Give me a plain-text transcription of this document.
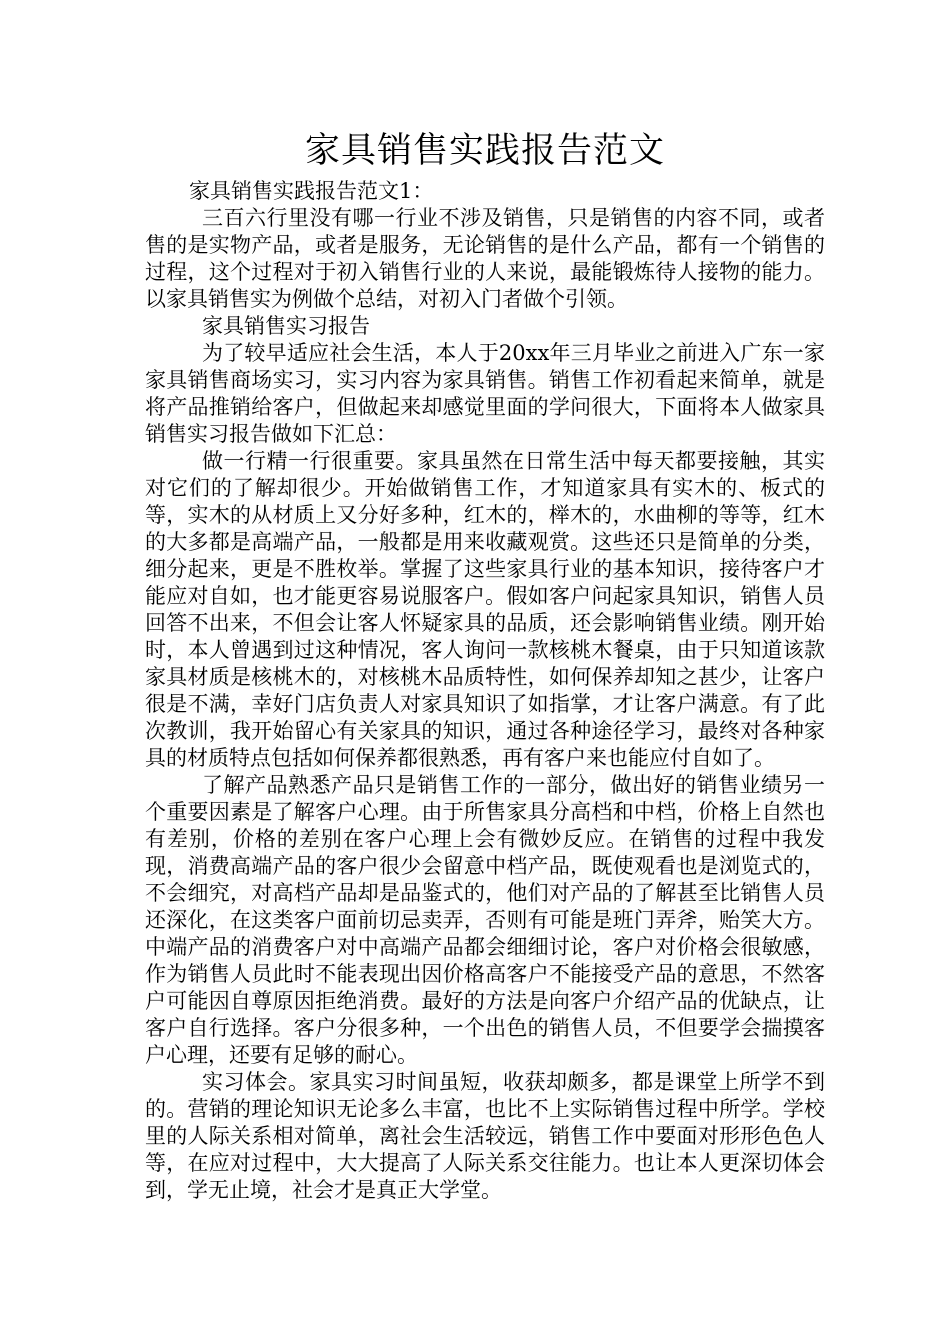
家具销售实践报告范文

家具销售实践报告范文1：

三百六行里没有哪一行业不涉及销售，只是销售的内容不同，或者售的是实物产品，或者是服务，无论销售的是什么产品，都有一个销售的过程，这个过程对于初入销售行业的人来说，最能锻炼待人接物的能力。以家具销售实为例做个总结，对初入门者做个引领。

家具销售实习报告

为了较早适应社会生活，本人于20xx年三月毕业之前进入广东一家家具销售商场实习，实习内容为家具销售。销售工作初看起来简单，就是将产品推销给客户，但做起来却感觉里面的学问很大，下面将本人做家具销售实习报告做如下汇总：

做一行精一行很重要。家具虽然在日常生活中每天都要接触，其实对它们的了解却很少。开始做销售工作，才知道家具有实木的、板式的等，实木的从材质上又分好多种，红木的，榉木的，水曲柳的等等，红木的大多都是高端产品，一般都是用来收藏观赏。这些还只是简单的分类，细分起来，更是不胜枚举。掌握了这些家具行业的基本知识，接待客户才能应对自如，也才能更容易说服客户。假如客户问起家具知识，销售人员回答不出来，不但会让客人怀疑家具的品质，还会影响销售业绩。刚开始时，本人曾遇到过这种情况，客人询问一款核桃木餐桌，由于只知道该款家具材质是核桃木的，对核桃木品质特性，如何保养却知之甚少，让客户很是不满，幸好门店负责人对家具知识了如指掌，才让客户满意。有了此次教训，我开始留心有关家具的知识，通过各种途径学习，最终对各种家具的材质特点包括如何保养都很熟悉，再有客户来也能应付自如了。

了解产品熟悉产品只是销售工作的一部分，做出好的销售业绩另一个重要因素是了解客户心理。由于所售家具分高档和中档，价格上自然也有差别，价格的差别在客户心理上会有微妙反应。在销售的过程中我发现，消费高端产品的客户很少会留意中档产品，既使观看也是浏览式的，不会细究，对高档产品却是品鉴式的，他们对产品的了解甚至比销售人员还深化，在这类客户面前切忌卖弄，否则有可能是班门弄斧，贻笑大方。中端产品的消费客户对中高端产品都会细细讨论，客户对价格会很敏感，作为销售人员此时不能表现出因价格高客户不能接受产品的意思，不然客户可能因自尊原因拒绝消费。最好的方法是向客户介绍产品的优缺点，让客户自行选择。客户分很多种，一个出色的销售人员，不但要学会揣摸客户心理，还要有足够的耐心。

实习体会。家具实习时间虽短，收获却颇多，都是课堂上所学不到的。营销的理论知识无论多么丰富，也比不上实际销售过程中所学。学校里的人际关系相对简单，离社会生活较远，销售工作中要面对形形色色人等，在应对过程中，大大提高了人际关系交往能力。也让本人更深切体会到，学无止境，社会才是真正大学堂。
